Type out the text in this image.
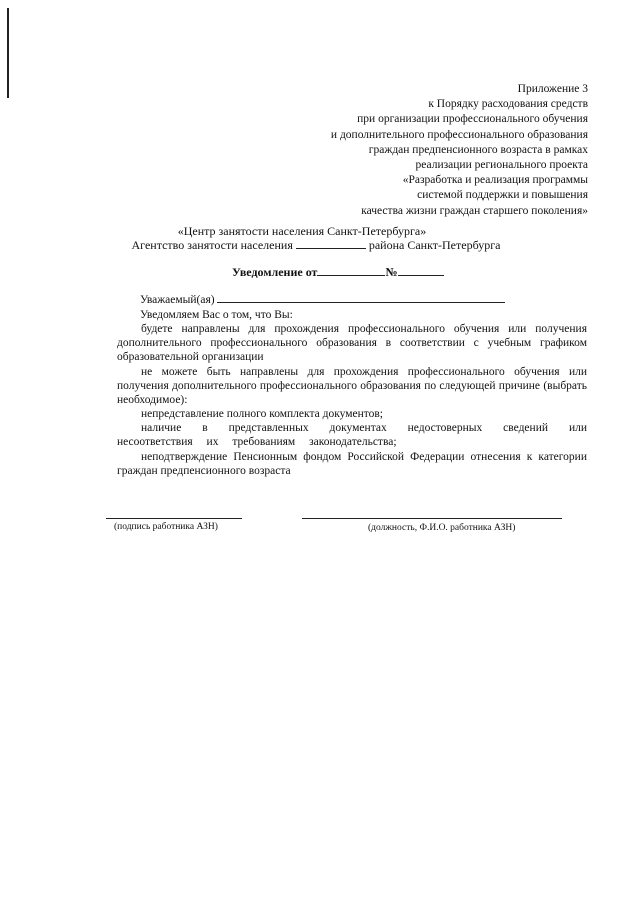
Приложение 3
к Порядку расходования средств
при организации профессионального обучения
и дополнительного профессионального образования
граждан предпенсионного возраста в рамках
реализации регионального проекта
«Разработка и реализация программы
системой поддержки и повышения
качества жизни граждан старшего поколения»
«Центр занятости населения Санкт-Петербурга»
Агентство занятости населения	района Санкт-Петербурга
Уведомление от	№
Уважаемый(ая)
Уведомляем Вас о том, что Вы:
будете направлены для прохождения профессионального обучения или получения дополнительного профессионального образования в соответствии с учебным графиком образовательной организации
не можете быть направлены для прохождения профессионального обучения или получения дополнительного профессионального образования по следующей причине (выбрать необходимое):
непредставление полного комплекта документов;
наличие в представленных документах недостоверных сведений или несоответствия их требованиям законодательства;
неподтверждение Пенсионным фондом Российской Федерации отнесения к категории граждан предпенсионного возраста
(подпись работника АЗН)	(должность, Ф.И.О. работника АЗН)
